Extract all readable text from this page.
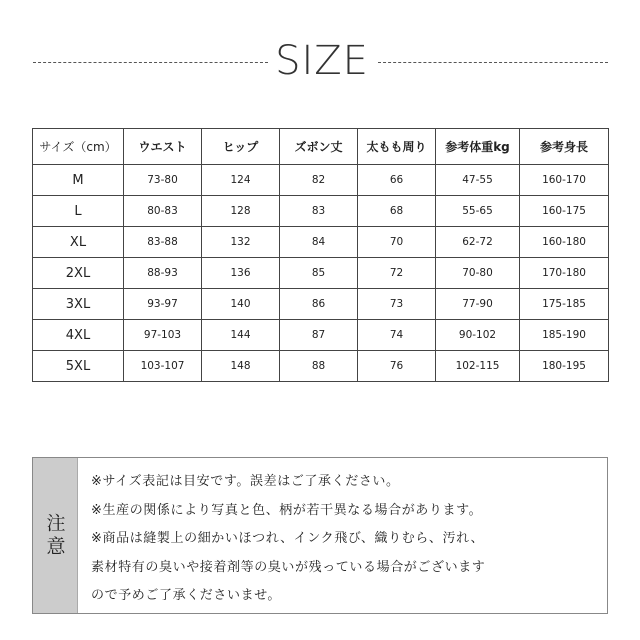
SIZE
サイズ（cm）	ウエスト	ヒップ	ズボン丈	太もも周り	参考体重kg	参考身長
M	73-80	124	82	66	47-55	160-170
L	80-83	128	83	68	55-65	160-175
XL	83-88	132	84	70	62-72	160-180
2XL	88-93	136	85	72	70-80	170-180
3XL	93-97	140	86	73	77-90	175-185
4XL	97-103	144	87	74	90-102	185-190
5XL	103-107	148	88	76	102-115	180-195
注意
※サイズ表記は目安です。誤差はご了承ください。
※生産の関係により写真と色、柄が若干異なる場合があります。
※商品は縫製上の細かいほつれ、インク飛び、織りむら、汚れ、
素材特有の臭いや接着剤等の臭いが残っている場合がございます
ので予めご了承くださいませ。
